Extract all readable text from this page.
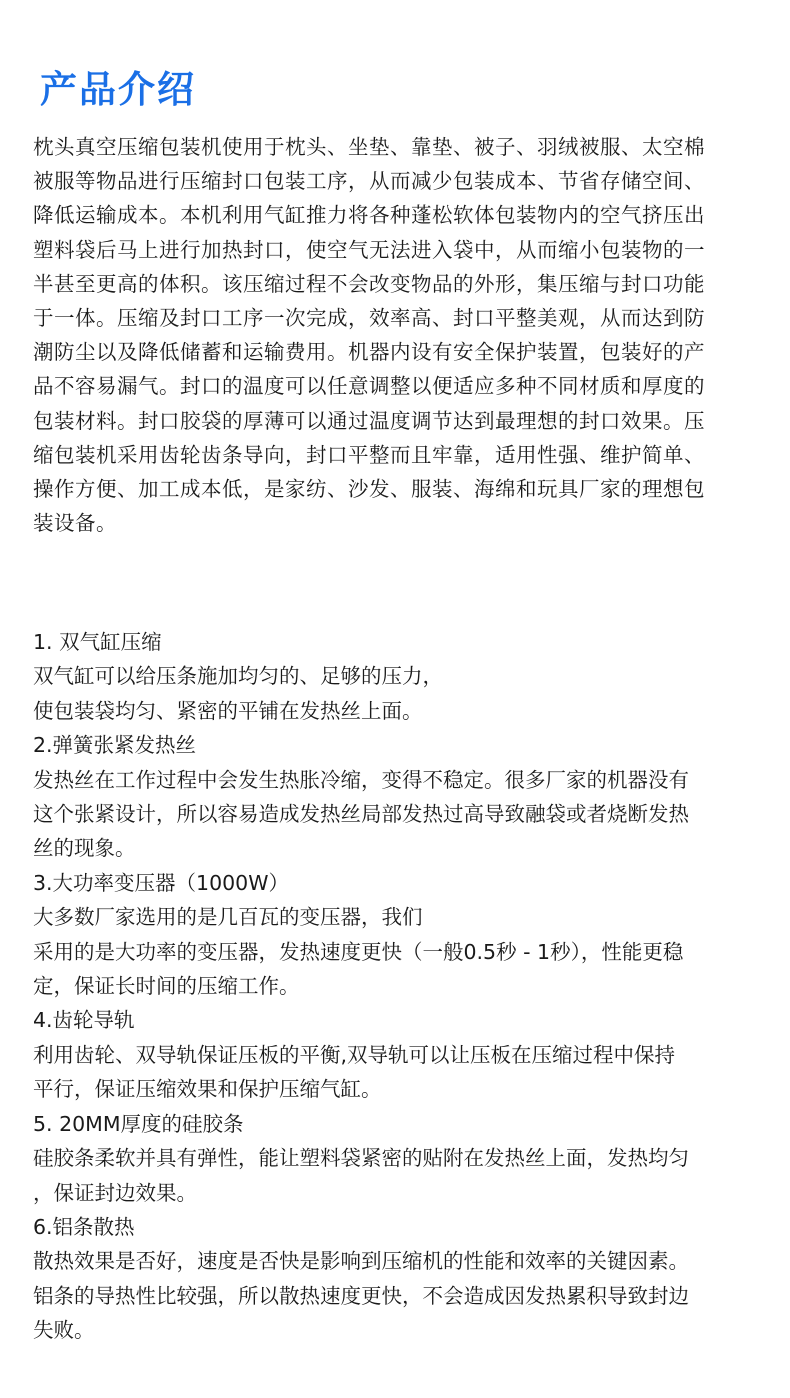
产品介绍
枕头真空压缩包装机使用于枕头、坐垫、靠垫、被子、羽绒被服、太空棉
被服等物品进行压缩封口包装工序，从而减少包装成本、节省存储空间、
降低运输成本。本机利用气缸推力将各种蓬松软体包装物内的空气挤压出
塑料袋后马上进行加热封口，使空气无法进入袋中，从而缩小包装物的一
半甚至更高的体积。该压缩过程不会改变物品的外形，集压缩与封口功能
于一体。压缩及封口工序一次完成，效率高、封口平整美观，从而达到防
潮防尘以及降低储蓄和运输费用。机器内设有安全保护装置，包装好的产
品不容易漏气。封口的温度可以任意调整以便适应多种不同材质和厚度的
包装材料。封口胶袋的厚薄可以通过温度调节达到最理想的封口效果。压
缩包装机采用齿轮齿条导向，封口平整而且牢靠，适用性强、维护简单、
操作方便、加工成本低，是家纺、沙发、服装、海绵和玩具厂家的理想包
装设备。
1. 双气缸压缩
双气缸可以给压条施加均匀的、足够的压力，
使包装袋均匀、紧密的平铺在发热丝上面。
2.弹簧张紧发热丝
发热丝在工作过程中会发生热胀冷缩，变得不稳定。很多厂家的机器没有
这个张紧设计，所以容易造成发热丝局部发热过高导致融袋或者烧断发热
丝的现象。
3.大功率变压器（1000W）
大多数厂家选用的是几百瓦的变压器，我们
采用的是大功率的变压器，发热速度更快（一般0.5秒 - 1秒），性能更稳
定，保证长时间的压缩工作。
4.齿轮导轨
利用齿轮、双导轨保证压板的平衡,双导轨可以让压板在压缩过程中保持
平行，保证压缩效果和保护压缩气缸。
5. 20MM厚度的硅胶条
硅胶条柔软并具有弹性，能让塑料袋紧密的贴附在发热丝上面，发热均匀
，保证封边效果。
6.铝条散热
散热效果是否好，速度是否快是影响到压缩机的性能和效率的关键因素。
铝条的导热性比较强，所以散热速度更快，不会造成因发热累积导致封边
失败。
